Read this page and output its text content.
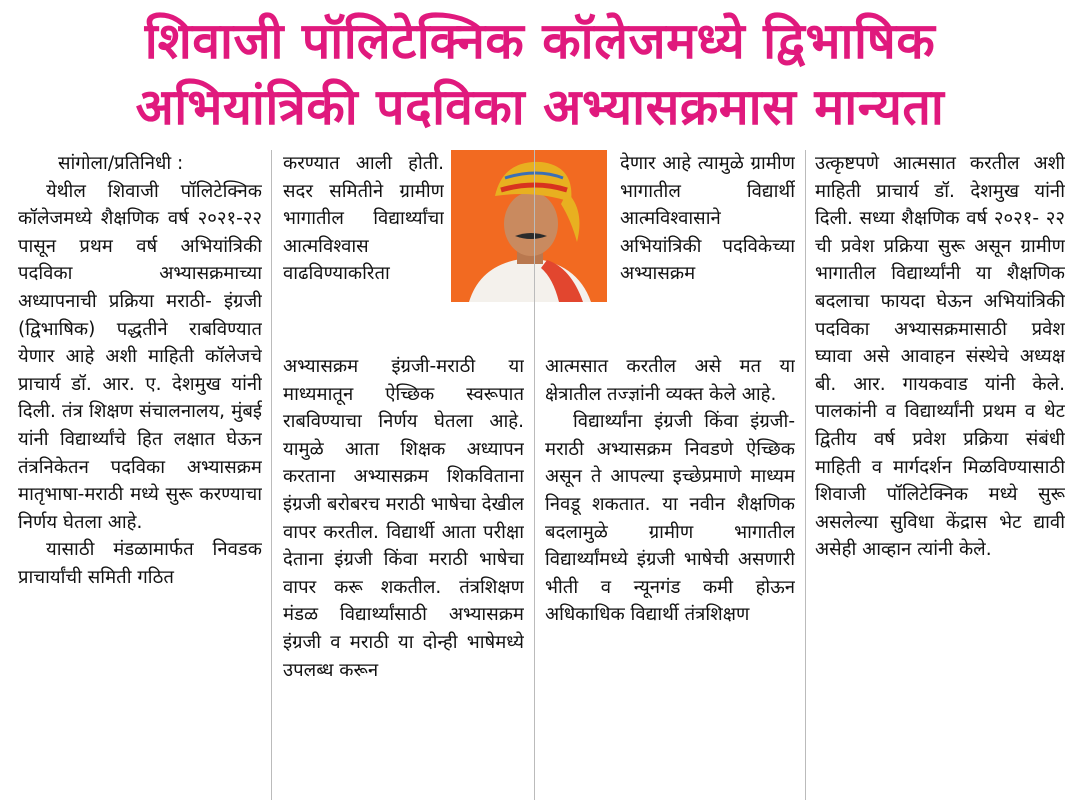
शिवाजी पॉलिटेक्निक कॉलेजमध्ये द्विभाषिक
अभियांत्रिकी पदविका अभ्यासक्रमास मान्यता

सांगोला/प्रतिनिधी :

येथील शिवाजी पॉलिटेक्निक कॉलेजमध्ये शैक्षणिक वर्ष २०२१-२२ पासून प्रथम वर्ष अभियांत्रिकी पदविका अभ्यासक्रमाच्या अध्यापनाची प्रक्रिया मराठी- इंग्रजी (द्विभाषिक) पद्धतीने राबविण्यात येणार आहे अशी माहिती कॉलेजचे प्राचार्य डॉ. आर. ए. देशमुख यांनी दिली. तंत्र शिक्षण संचालनालय, मुंबई यांनी विद्यार्थ्यांचे हित लक्षात घेऊन तंत्रनिकेतन पदविका अभ्यासक्रम मातृभाषा-मराठी मध्ये सुरू करण्याचा निर्णय घेतला आहे.

यासाठी मंडळामार्फत निवडक प्राचार्यांची समिती गठित

करण्यात आली होती. सदर समितीने ग्रामीण भागातील विद्यार्थ्यांचा आत्मविश्वास वाढविण्याकरिता

अभ्यासक्रम इंग्रजी-मराठी या माध्यमातून ऐच्छिक स्वरूपात राबविण्याचा निर्णय घेतला आहे. यामुळे आता शिक्षक अध्यापन करताना अभ्यासक्रम शिकविताना इंग्रजी बरोबरच मराठी भाषेचा देखील वापर करतील. विद्यार्थी आता परीक्षा देताना इंग्रजी किंवा मराठी भाषेचा वापर करू शकतील. तंत्रशिक्षण मंडळ विद्यार्थ्यांसाठी अभ्यासक्रम इंग्रजी व मराठी या दोन्ही भाषेमध्ये उपलब्ध करून

देणार आहे त्यामुळे ग्रामीण भागातील विद्यार्थी आत्मविश्वासाने अभियांत्रिकी पदविकेच्या अभ्यासक्रम

आत्मसात करतील असे मत या क्षेत्रातील तज्ज्ञांनी व्यक्त केले आहे.

विद्यार्थ्यांना इंग्रजी किंवा इंग्रजी- मराठी अभ्यासक्रम निवडणे ऐच्छिक असून ते आपल्या इच्छेप्रमाणे माध्यम निवडू शकतात. या नवीन शैक्षणिक बदलामुळे ग्रामीण भागातील विद्यार्थ्यांमध्ये इंग्रजी भाषेची असणारी भीती व न्यूनगंड कमी होऊन अधिकाधिक विद्यार्थी तंत्रशिक्षण

उत्कृष्टपणे आत्मसात करतील अशी माहिती प्राचार्य डॉ. देशमुख यांनी दिली. सध्या शैक्षणिक वर्ष २०२१- २२ ची प्रवेश प्रक्रिया सुरू असून ग्रामीण भागातील विद्यार्थ्यांनी या शैक्षणिक बदलाचा फायदा घेऊन अभियांत्रिकी पदविका अभ्यासक्रमासाठी प्रवेश घ्यावा असे आवाहन संस्थेचे अध्यक्ष बी. आर. गायकवाड यांनी केले. पालकांनी व विद्यार्थ्यांनी प्रथम व थेट द्वितीय वर्ष प्रवेश प्रक्रिया संबंधी माहिती व मार्गदर्शन मिळविण्यासाठी शिवाजी पॉलिटेक्निक मध्ये सुरू असलेल्या सुविधा केंद्रास भेट द्यावी असेही आव्हान त्यांनी केले.
